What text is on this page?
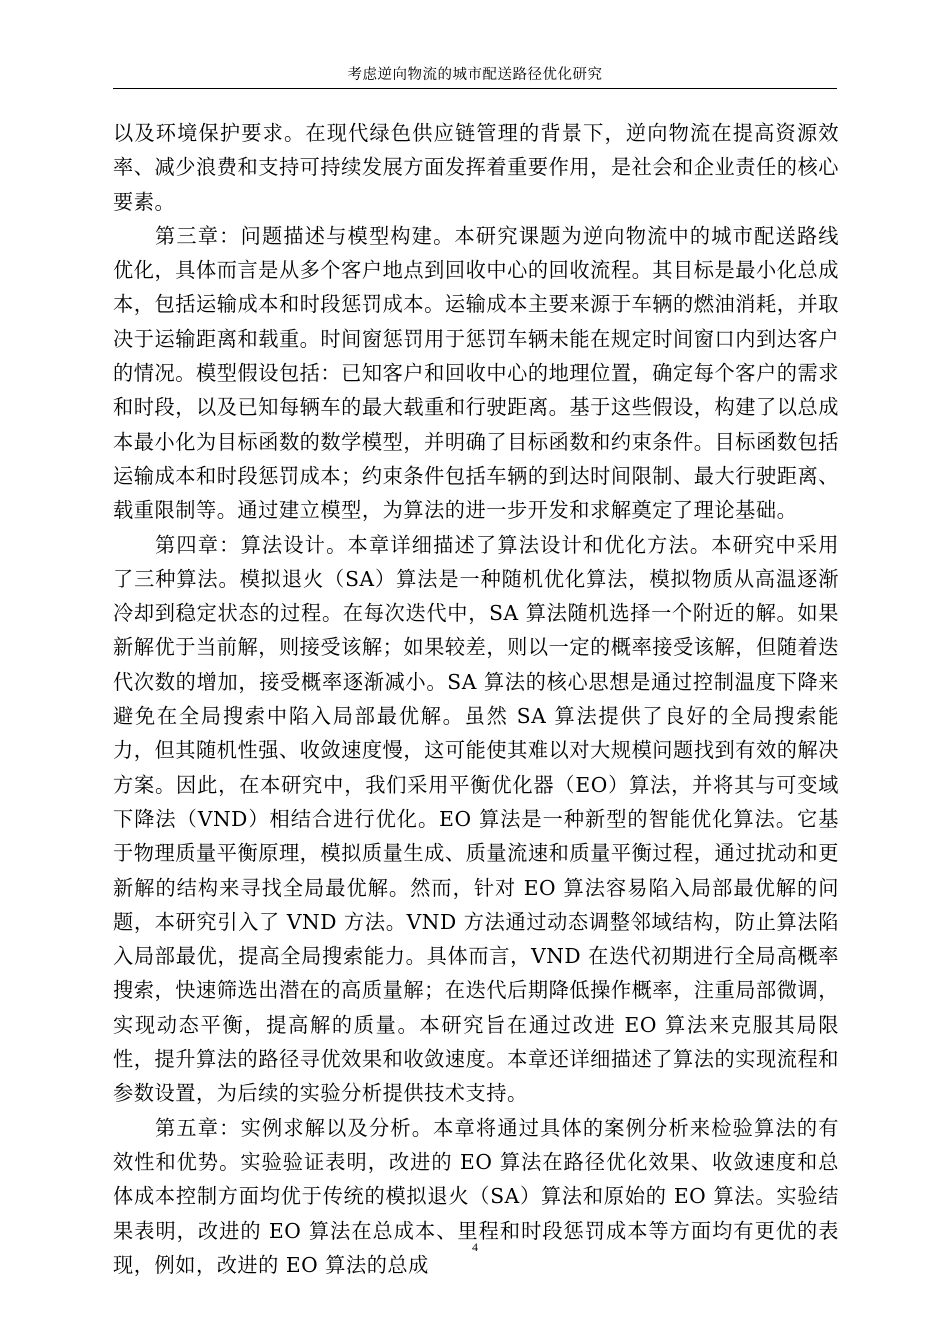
考虑逆向物流的城市配送路径优化研究

以及环境保护要求。在现代绿色供应链管理的背景下，逆向物流在提高资源效率、减少浪费和支持可持续发展方面发挥着重要作用，是社会和企业责任的核心要素。

第三章：问题描述与模型构建。本研究课题为逆向物流中的城市配送路线优化，具体而言是从多个客户地点到回收中心的回收流程。其目标是最小化总成本，包括运输成本和时段惩罚成本。运输成本主要来源于车辆的燃油消耗，并取决于运输距离和载重。时间窗惩罚用于惩罚车辆未能在规定时间窗口内到达客户的情况。模型假设包括：已知客户和回收中心的地理位置，确定每个客户的需求和时段，以及已知每辆车的最大载重和行驶距离。基于这些假设，构建了以总成本最小化为目标函数的数学模型，并明确了目标函数和约束条件。目标函数包括运输成本和时段惩罚成本；约束条件包括车辆的到达时间限制、最大行驶距离、载重限制等。通过建立模型，为算法的进一步开发和求解奠定了理论基础。

第四章：算法设计。本章详细描述了算法设计和优化方法。本研究中采用了三种算法。模拟退火（SA）算法是一种随机优化算法，模拟物质从高温逐渐冷却到稳定状态的过程。在每次迭代中，SA 算法随机选择一个附近的解。如果新解优于当前解，则接受该解；如果较差，则以一定的概率接受该解，但随着迭代次数的增加，接受概率逐渐减小。SA 算法的核心思想是通过控制温度下降来避免在全局搜索中陷入局部最优解。虽然 SA 算法提供了良好的全局搜索能力，但其随机性强、收敛速度慢，这可能使其难以对大规模问题找到有效的解决方案。因此，在本研究中，我们采用平衡优化器（EO）算法，并将其与可变域下降法（VND）相结合进行优化。EO 算法是一种新型的智能优化算法。它基于物理质量平衡原理，模拟质量生成、质量流速和质量平衡过程，通过扰动和更新解的结构来寻找全局最优解。然而，针对 EO 算法容易陷入局部最优解的问题，本研究引入了 VND 方法。VND 方法通过动态调整邻域结构，防止算法陷入局部最优，提高全局搜索能力。具体而言，VND 在迭代初期进行全局高概率搜索，快速筛选出潜在的高质量解；在迭代后期降低操作概率，注重局部微调，实现动态平衡，提高解的质量。本研究旨在通过改进 EO 算法来克服其局限性，提升算法的路径寻优效果和收敛速度。本章还详细描述了算法的实现流程和参数设置，为后续的实验分析提供技术支持。

第五章：实例求解以及分析。本章将通过具体的案例分析来检验算法的有效性和优势。实验验证表明，改进的 EO 算法在路径优化效果、收敛速度和总体成本控制方面均优于传统的模拟退火（SA）算法和原始的 EO 算法。实验结果表明，改进的 EO 算法在总成本、里程和时段惩罚成本等方面均有更优的表现，例如，改进的 EO 算法的总成

4
